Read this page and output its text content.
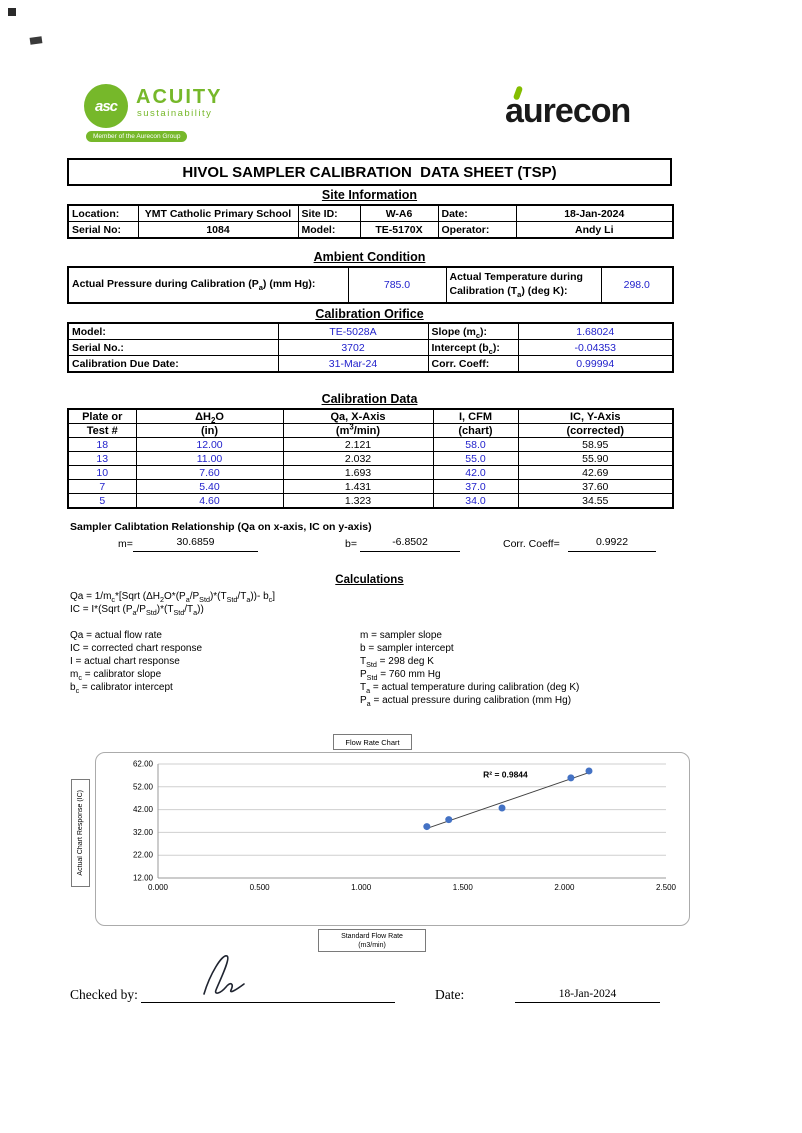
asc ACUITY
sustainability
Member of the Aurecon Group
aurecon
HIVOL SAMPLER CALIBRATION  DATA SHEET (TSP)
Site Information
Location:	YMT Catholic Primary School	Site ID:	W-A6	Date:	18-Jan-2024
Serial No:	1084	Model:	TE-5170X	Operator:	Andy Li
Ambient Condition
Actual Pressure during Calibration $(P_a)$ (mm Hg):	785.0	Actual Temperature during Calibration $(T_a)$ (deg K):	298.0
Calibration Orifice
Model:	TE-5028A	Slope $(m_c)$:	1.68024
Serial No.:	3702	Intercept $(b_c)$:	-0.04353
Calibration Due Date:	31-Mar-24	Corr. Coeff:	0.99994
Calibration Data
Plate or	$\Delta H_2O$	Qa, X-Axis	I, CFM	IC, Y-Axis
Test #	(in)	$(m^3/\min)$	(chart)	(corrected)
18	12.00	2.121	58.0	58.95
13	11.00	2.032	55.0	55.90
10	7.60	1.693	42.0	42.69
7	5.40	1.431	37.0	37.60
5	4.60	1.323	34.0	34.55
Sampler Calibtation Relationship (Qa on x-axis, IC on y-axis)
m=	30.6859	b=	-6.8502	Corr. Coeff=	0.9922
Calculations
$Qa = 1/m_c*[Sqrt$ $(\Delta H_2O*(P_a/P_{Std})*(T_{Std}/T_a))-$ $b_c$]
IC = I*(Sqrt $(P_a/P_{Std})*(T_{Std}/T_a)$)
Qa = actual flow rate
IC = corrected chart response
I = actual chart response
$m_c$ = calibrator slope
$b_c$ = calibrator intercept
m = sampler slope
b = sampler intercept
$T_{Std} = 298$ deg K
$P_{Std} = 760$ mm Hg
$T_a$ = actual temperature during calibration (deg K)
$P_a$ = actual pressure during calibration (mm Hg)
Flow Rate Chart
12.00
22.00
32.00
42.00
52.00
62.00
0.000	0.500	1.000	1.500	2.000	2.500
R² = 0.9844
Actual Chart Response (IC)
Standard Flow Rate
(m3/min)
Checked by:	Date:	18-Jan-2024
